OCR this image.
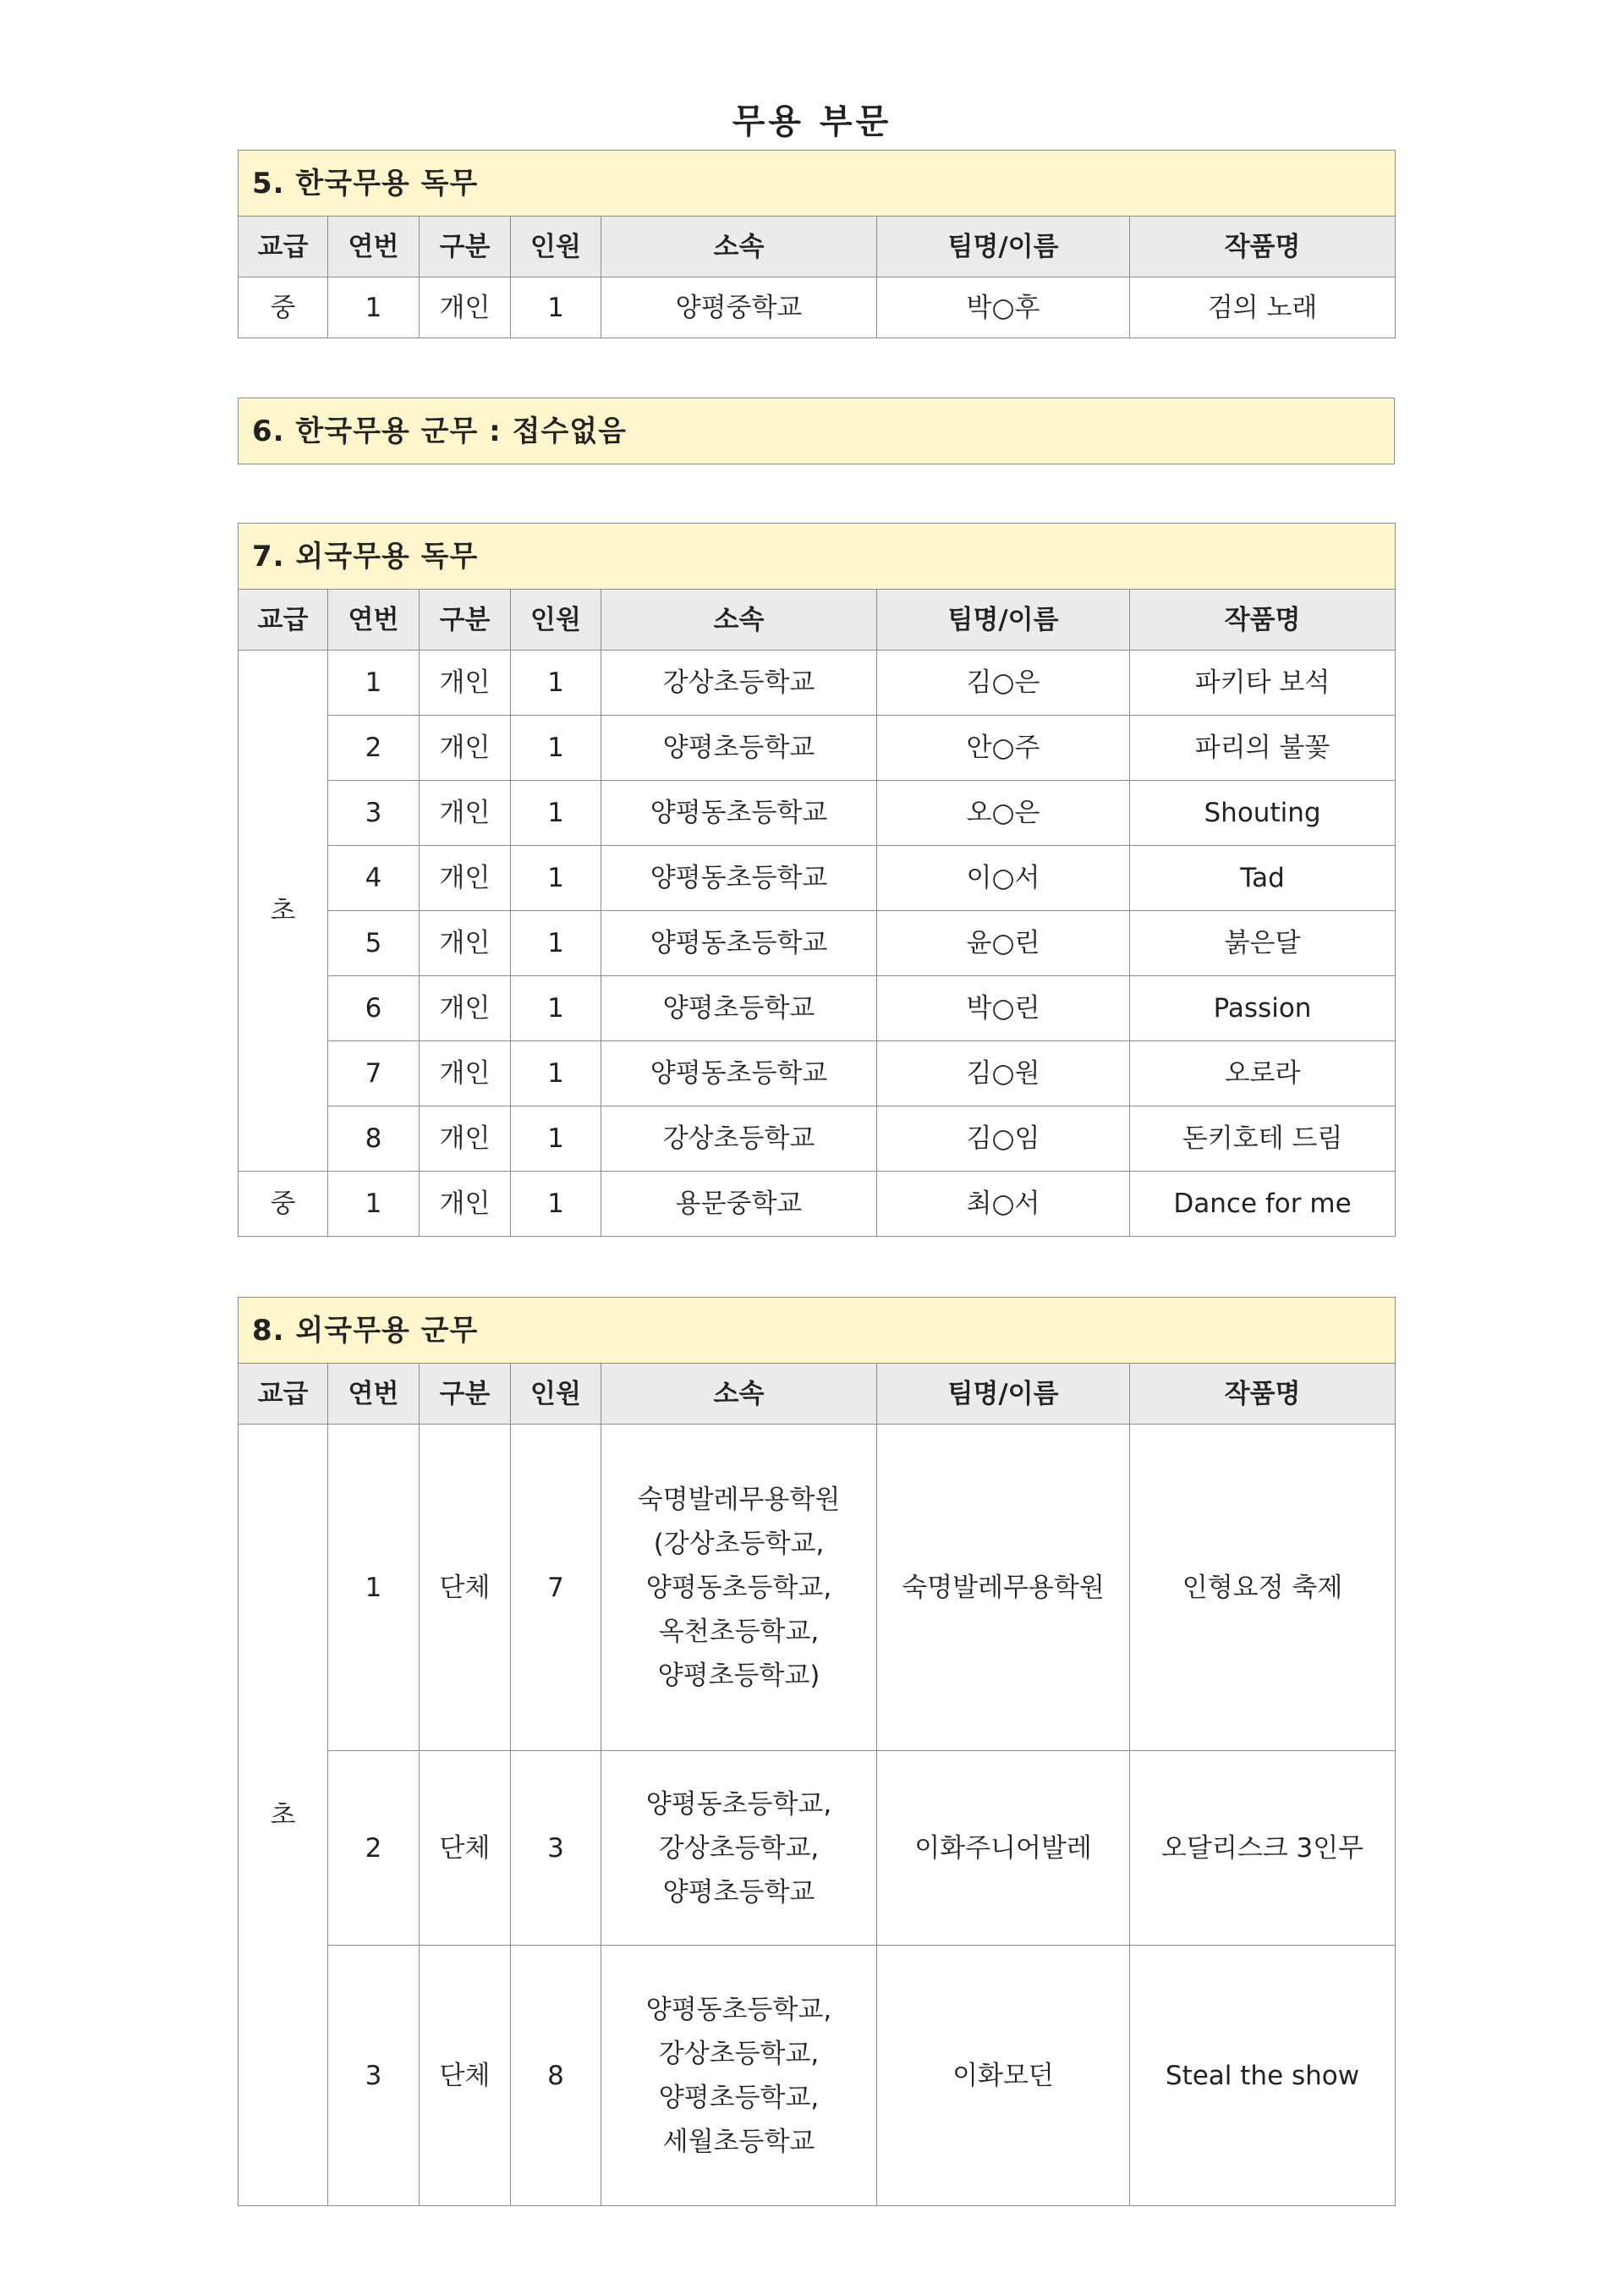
무용 부문
5. 한국무용 독무						
교급	연번	구분	인원	소속	팀명/이름	작품명
중	1	개인	1	양평중학교	박○후	검의 노래
6. 한국무용 군무 : 접수없음
7. 외국무용 독무						
교급	연번	구분	인원	소속	팀명/이름	작품명
초	1	개인	1	강상초등학교	김○은	파키타 보석
	2	개인	1	양평초등학교	안○주	파리의 불꽃
	3	개인	1	양평동초등학교	오○은	Shouting
	4	개인	1	양평동초등학교	이○서	Tad
	5	개인	1	양평동초등학교	윤○린	붉은달
	6	개인	1	양평초등학교	박○린	Passion
	7	개인	1	양평동초등학교	김○원	오로라
	8	개인	1	강상초등학교	김○임	돈키호테 드림
중	1	개인	1	용문중학교	최○서	Dance for me
8. 외국무용 군무						
교급	연번	구분	인원	소속	팀명/이름	작품명
초	1	단체	7	숙명발레무용학원
(강상초등학교,
양평동초등학교,
옥천초등학교,
양평초등학교)	숙명발레무용학원	인형요정 축제
	2	단체	3	양평동초등학교,
강상초등학교,
양평초등학교	이화주니어발레	오달리스크 3인무
	3	단체	8	양평동초등학교,
강상초등학교,
양평초등학교,
세월초등학교	이화모던	Steal the show
